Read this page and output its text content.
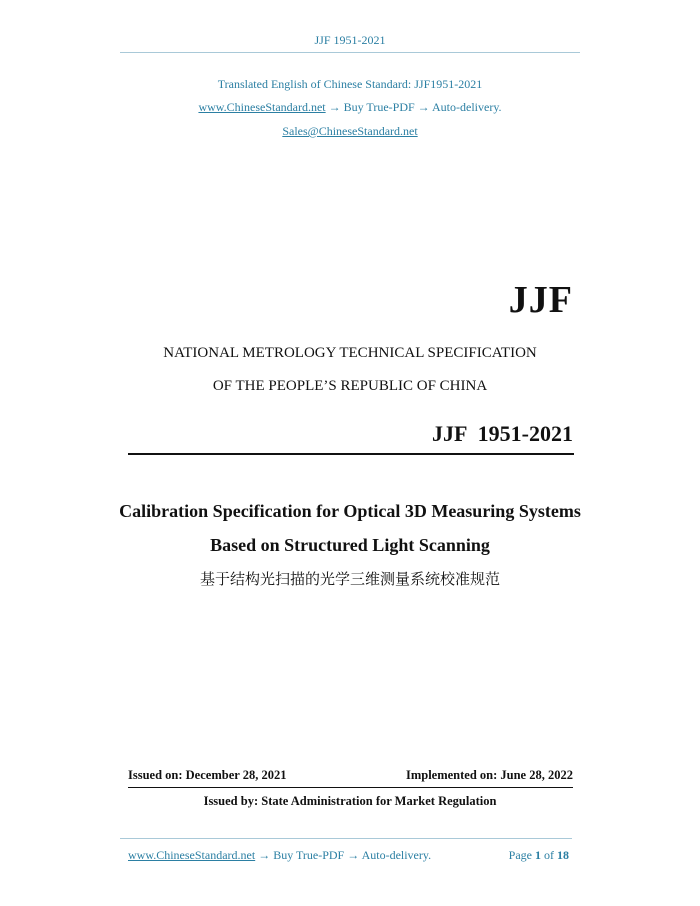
JJF 1951-2021
Translated English of Chinese Standard: JJF1951-2021
www.ChineseStandard.net → Buy True-PDF → Auto-delivery.
Sales@ChineseStandard.net
JJF
NATIONAL METROLOGY TECHNICAL SPECIFICATION
OF THE PEOPLE’S REPUBLIC OF CHINA
JJF  1951-2021
Calibration Specification for Optical 3D Measuring Systems
Based on Structured Light Scanning
基于结构光扫描的光学三维测量系统校准规范
Issued on: December 28, 2021	Implemented on: June 28, 2022
Issued by: State Administration for Market Regulation
www.ChineseStandard.net → Buy True-PDF → Auto-delivery.	Page 1 of 18
